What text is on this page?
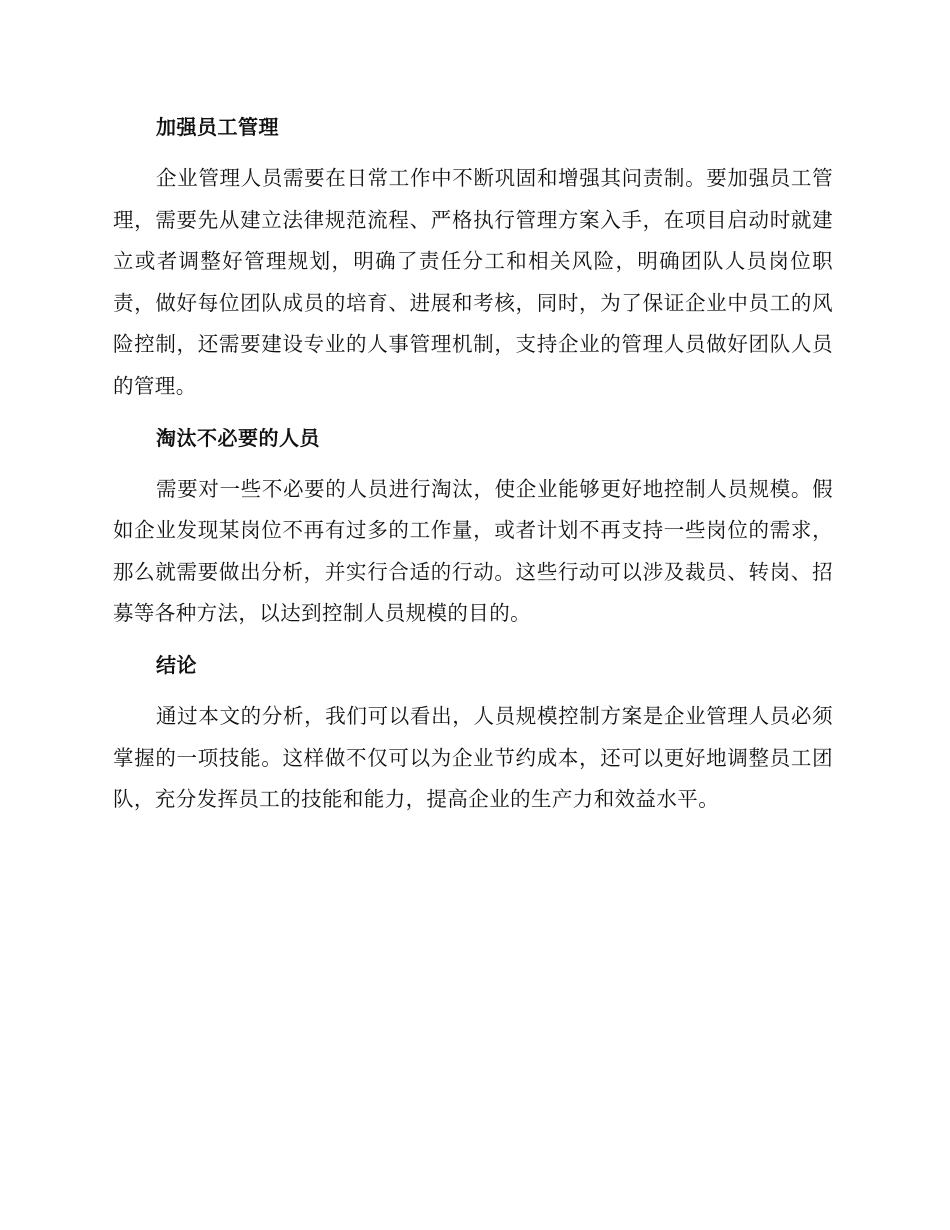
加强员工管理

企业管理人员需要在日常工作中不断巩固和增强其问责制。要加强员工管理，需要先从建立法律规范流程、严格执行管理方案入手，在项目启动时就建立或者调整好管理规划，明确了责任分工和相关风险，明确团队人员岗位职责，做好每位团队成员的培育、进展和考核，同时，为了保证企业中员工的风险控制，还需要建设专业的人事管理机制，支持企业的管理人员做好团队人员的管理。

淘汰不必要的人员

需要对一些不必要的人员进行淘汰，使企业能够更好地控制人员规模。假如企业发现某岗位不再有过多的工作量，或者计划不再支持一些岗位的需求，那么就需要做出分析，并实行合适的行动。这些行动可以涉及裁员、转岗、招募等各种方法，以达到控制人员规模的目的。

结论

通过本文的分析，我们可以看出，人员规模控制方案是企业管理人员必须掌握的一项技能。这样做不仅可以为企业节约成本，还可以更好地调整员工团队，充分发挥员工的技能和能力，提高企业的生产力和效益水平。
